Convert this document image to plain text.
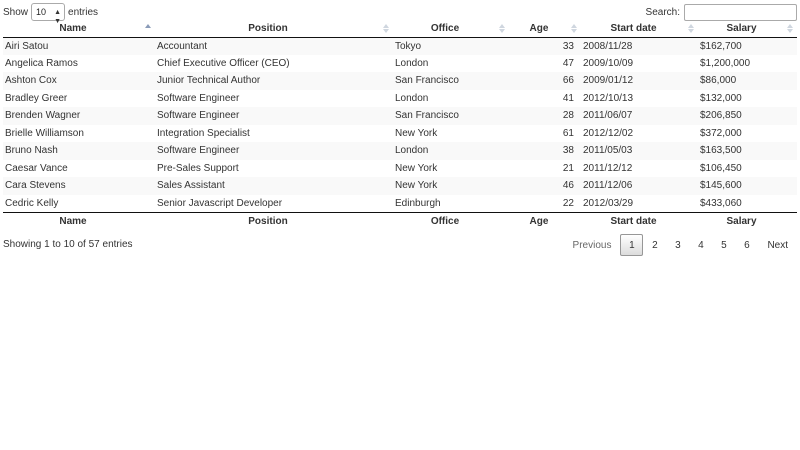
Show 10 ▲
▼
entries	Search:
Name	Position	Office	Age	Start date	Salary

Airi Satou	Accountant	Tokyo	33	2008/11/28	$162,700
Angelica Ramos	Chief Executive Officer (CEO)	London	47	2009/10/09	$1,200,000
Ashton Cox	Junior Technical Author	San Francisco	66	2009/01/12	$86,000
Bradley Greer	Software Engineer	London	41	2012/10/13	$132,000
Brenden Wagner	Software Engineer	San Francisco	28	2011/06/07	$206,850
Brielle Williamson	Integration Specialist	New York	61	2012/12/02	$372,000
Bruno Nash	Software Engineer	London	38	2011/05/03	$163,500
Caesar Vance	Pre-Sales Support	New York	21	2011/12/12	$106,450
Cara Stevens	Sales Assistant	New York	46	2011/12/06	$145,600
Cedric Kelly	Senior Javascript Developer	Edinburgh	22	2012/03/29	$433,060
Name	Position	Office	Age	Start date	Salary
Showing 1 to 10 of 57 entries	Previous	1	2	3	4	5	6	Next
